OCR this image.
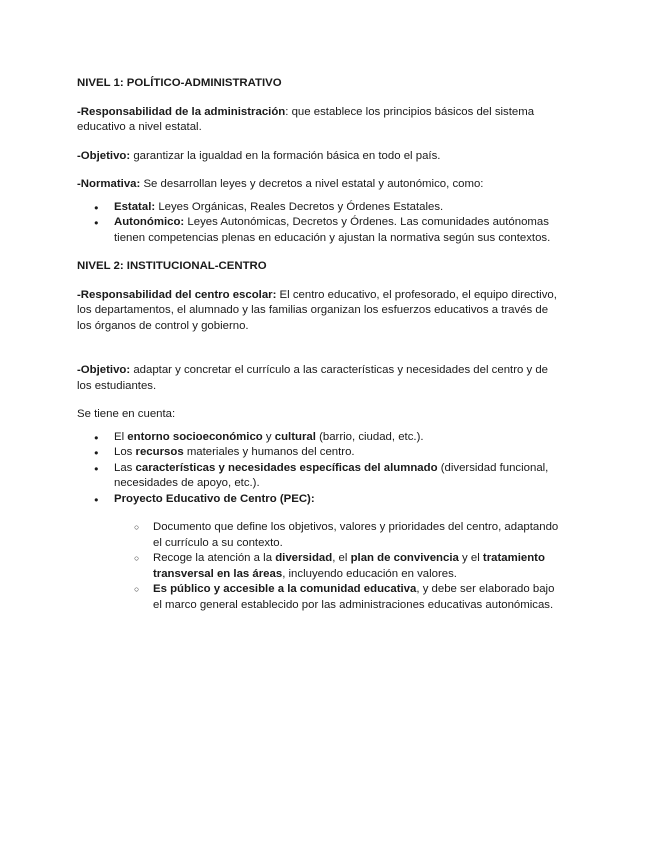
NIVEL 1: POLÍTICO-ADMINISTRATIVO
-Responsabilidad de la administración: que establece los principios básicos del sistema
educativo a nivel estatal.
-Objetivo: garantizar la igualdad en la formación básica en todo el país.
-Normativa: Se desarrollan leyes y decretos a nivel estatal y autonómico, como:
● Estatal: Leyes Orgánicas, Reales Decretos y Órdenes Estatales.
● Autonómico: Leyes Autonómicas, Decretos y Órdenes. Las comunidades autónomas
tienen competencias plenas en educación y ajustan la normativa según sus contextos.
NIVEL 2: INSTITUCIONAL-CENTRO
-Responsabilidad del centro escolar: El centro educativo, el profesorado, el equipo directivo,
los departamentos, el alumnado y las familias organizan los esfuerzos educativos a través de
los órganos de control y gobierno.
-Objetivo: adaptar y concretar el currículo a las características y necesidades del centro y de
los estudiantes.
Se tiene en cuenta:
● El entorno socioeconómico y cultural (barrio, ciudad, etc.).
● Los recursos materiales y humanos del centro.
● Las características y necesidades específicas del alumnado (diversidad funcional,
necesidades de apoyo, etc.).
● Proyecto Educativo de Centro (PEC):
○ Documento que define los objetivos, valores y prioridades del centro, adaptando
el currículo a su contexto.
○ Recoge la atención a la diversidad, el plan de convivencia y el tratamiento
transversal en las áreas, incluyendo educación en valores.
○ Es público y accesible a la comunidad educativa, y debe ser elaborado bajo
el marco general establecido por las administraciones educativas autonómicas.
